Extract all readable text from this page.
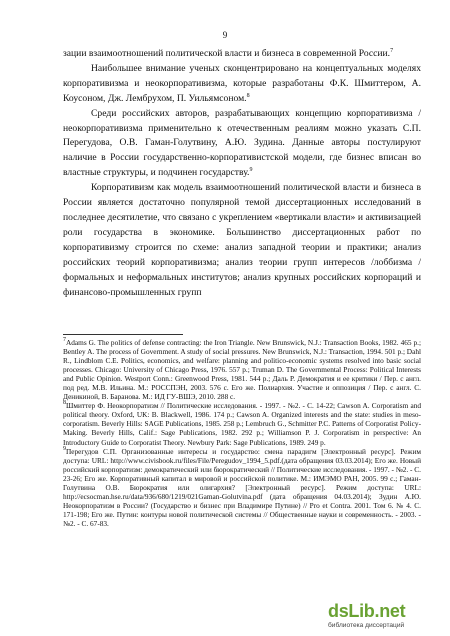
9

зации взаимоотношений политической власти и бизнеса в современной России.$^7$

Наибольшее внимание ученых сконцентрировано на концептуальных моделях корпоративизма и неокорпоративизма, которые разработаны Ф.К. Шмиттером, А. Коусоном, Дж. Лембрухом, П. Уильямсоном.$^8$

Среди российских авторов, разрабатывающих концепцию корпоративизма / неокорпоративизма применительно к отечественным реалиям можно указать С.П. Перегудова, О.В. Гаман-Голутвину, А.Ю. Зудина. Данные авторы постулируют наличие в России государственно-корпоративистской модели, где бизнес вписан во властные структуры, и подчинен государству.$^9$

Корпоративизм как модель взаимоотношений политической власти и бизнеса в России является достаточно популярной темой диссертационных исследований в последнее десятилетие, что связано с укреплением «вертикали власти» и активизацией роли государства в экономике. Большинство диссертационных работ по корпоративизму строится по схеме: анализ западной теории и практики; анализ российских теорий корпоративизма; анализ теории групп интересов /лоббизма / формальных и неформальных институтов; анализ крупных российских корпораций и финансово-промышленных групп

$^7$Adams G. The politics of defense contracting: the Iron Triangle. New Brunswick, N.J.: Transaction Books, 1982. 465 p.; Bentley A. The process of Government. A study of social pressures. New Brunswick, N.J.: Transaction, 1994. 501 p.; Dahl R., Lindblom C.E. Politics, economics, and welfare: planning and politico-economic systems resolved into basic social processes. Chicago: University of Chicago Press, 1976. 557 p.; Truman D. The Governmental Process: Political Interests and Public Opinion. Westport Conn.: Greenwood Press, 1981. 544 p.; Даль Р. Демократия и ее критики / Пер. с англ. под ред. М.В. Ильина. М.: РОССПЭН, 2003. 576 с. Его же. Полиархия. Участие и оппозиция / Пер. с англ. С. Деникиной, В. Баранова. М.: ИД ГУ-ВШЭ, 2010. 288 с.

$^8$Шмиттер Ф. Неокорпоратизм // Политические исследования. - 1997. - №2. - С. 14-22; Cawson A. Corporatism and political theory. Oxford, UK: B. Blackwell, 1986. 174 p.; Cawson A. Organized interests and the state: studies in meso-corporatism. Beverly Hills: SAGE Publications, 1985. 258 p.; Lembruch G., Schmitter P.C. Patterns of Corporatist Policy-Making. Beverly Hills, Calif.: Sage Publications, 1982. 292 p.; Williamson P. J. Corporatism in perspective: An Introductory Guide to Corporatist Theory. Newbury Park: Sage Publications, 1989. 249 p.

$^9$Перегудов С.П. Организованные интересы и государство: смена парадигм [Электронный ресурс]. Режим доступа: URL: http://www.civisbook.ru/files/File/Peregudov_1994_5.pdf.(дата обращения 03.03.2014); Его же. Новый российский корпоратизм: демократический или бюрократический // Политические исследования. - 1997. - №2. - С. 23-26; Его же. Корпоративный капитал в мировой и российской политике. М.: ИМЭМО РАН, 2005. 99 с.; Гаман-Голутвина О.В. Бюрократия или олигархия? [Электронный ресурс]. Режим доступа: URL: http://ecsocman.hse.ru/data/936/680/1219/021Gaman-Golutvina.pdf (дата обращения 04.03.2014); Зудин А.Ю. Неокорпоратизм в России? (Государство и бизнес при Владимире Путине) // Pro et Contra. 2001. Том 6. № 4. С. 171-198; Его же. Путин: контуры новой политической системы // Общественные науки и современность. - 2003. - №2. - С. 67-83.

dsLib.net
библиотека диссертаций
